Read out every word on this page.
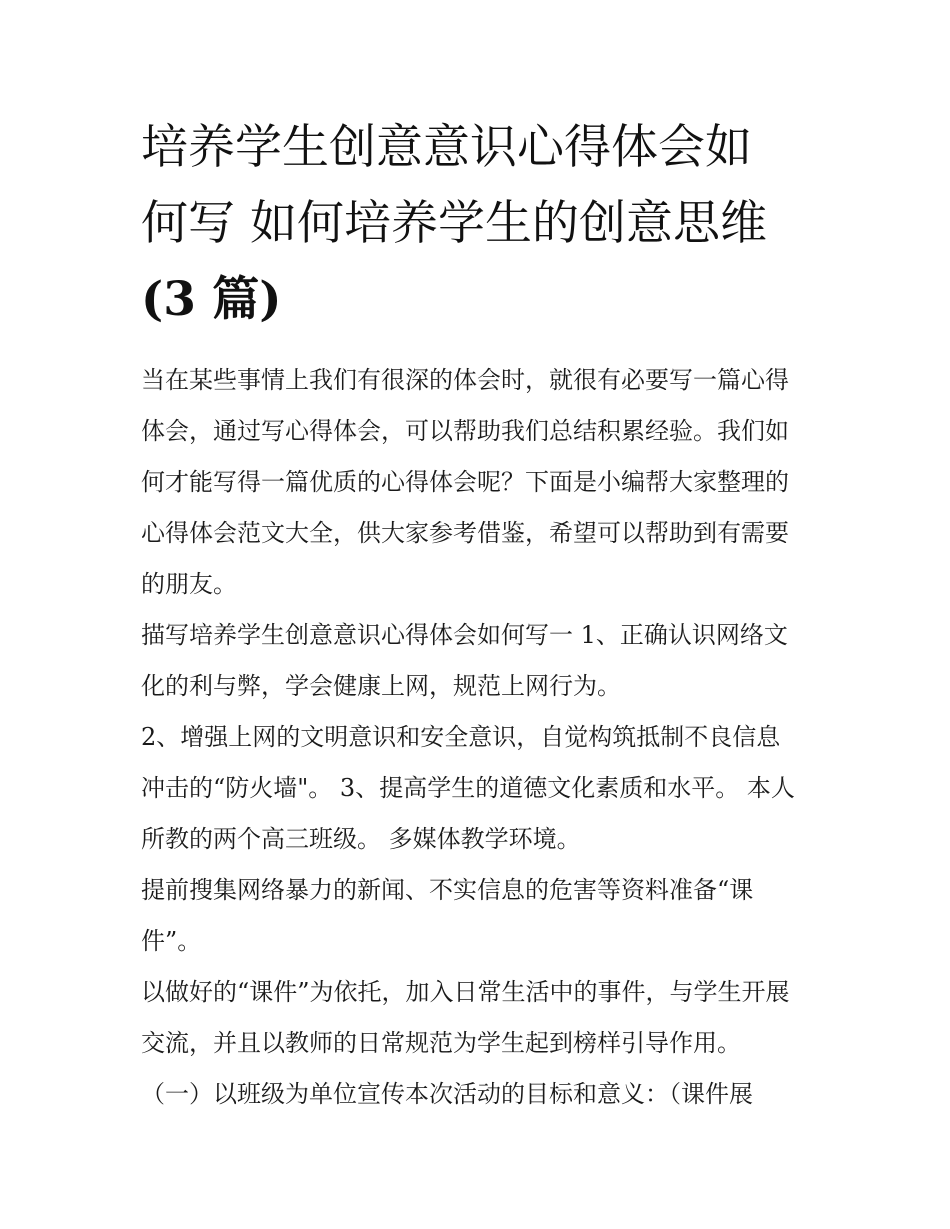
培养学生创意意识心得体会如
何写 如何培养学生的创意思维
(3 篇)

当在某些事情上我们有很深的体会时，就很有必要写一篇心得
体会，通过写心得体会，可以帮助我们总结积累经验。我们如
何才能写得一篇优质的心得体会呢？下面是小编帮大家整理的
心得体会范文大全，供大家参考借鉴，希望可以帮助到有需要
的朋友。

描写培养学生创意意识心得体会如何写一 1、正确认识网络文
化的利与弊，学会健康上网，规范上网行为。

2、增强上网的文明意识和安全意识，自觉构筑抵制不良信息
冲击的“防火墙"。 3、提高学生的道德文化素质和水平。 本人
所教的两个高三班级。 多媒体教学环境。

提前搜集网络暴力的新闻、不实信息的危害等资料准备“课
件”。

以做好的“课件”为依托，加入日常生活中的事件，与学生开展
交流，并且以教师的日常规范为学生起到榜样引导作用。

（一）以班级为单位宣传本次活动的目标和意义：（课件展
